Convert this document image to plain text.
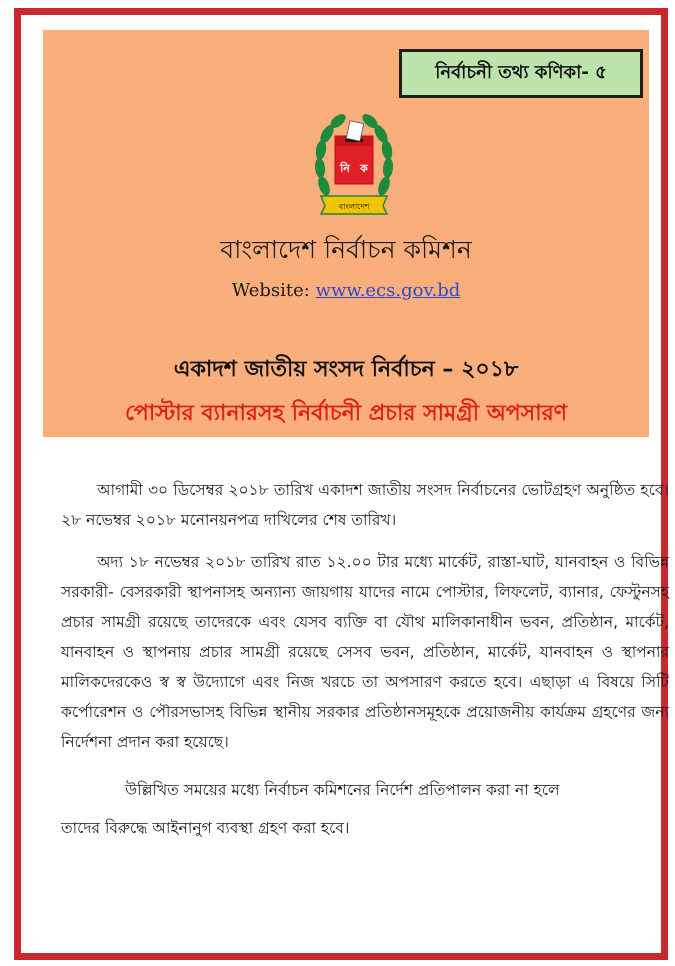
নির্বাচনী তথ্য কণিকা- ৫
নি ক
বাংলাদেশ
বাংলাদেশ নির্বাচন কমিশন
Website: www.ecs.gov.bd
একাদশ জাতীয় সংসদ নির্বাচন – ২০১৮
পোস্টার ব্যানারসহ নির্বাচনী প্রচার সামগ্রী অপসারণ

আগামী ৩০ ডিসেম্বর ২০১৮ তারিখ একাদশ জাতীয় সংসদ নির্বাচনের ভোটগ্রহণ অনুষ্ঠিত হবে। ২৮ নভেম্বর ২০১৮ মনোনয়নপত্র দাখিলের শেষ তারিখ।

অদ্য ১৮ নভেম্বর ২০১৮ তারিখ রাত ১২.০০ টার মধ্যে মার্কেট, রাস্তা-ঘাট, যানবাহন ও বিভিন্ন সরকারী- বেসরকারী স্থাপনাসহ অন্যান্য জায়গায় যাদের নামে পোস্টার, লিফলেট, ব্যানার, ফেস্টুনসহ প্রচার সামগ্রী রয়েছে তাদেরকে এবং যেসব ব্যক্তি বা যৌথ মালিকানাধীন ভবন, প্রতিষ্ঠান, মার্কেট, যানবাহন ও স্থাপনায় প্রচার সামগ্রী রয়েছে সেসব ভবন, প্রতিষ্ঠান, মার্কেট, যানবাহন ও স্থাপনার মালিকদেরকেও স্ব স্ব উদ্যোগে এবং নিজ খরচে তা অপসারণ করতে হবে। এছাড়া এ বিষয়ে সিটি কর্পোরেশন ও পৌরসভাসহ বিভিন্ন স্থানীয় সরকার প্রতিষ্ঠানসমূহকে প্রয়োজনীয় কার্যক্রম গ্রহণের জন্য নির্দেশনা প্রদান করা হয়েছে।

উল্লিখিত সময়ের মধ্যে নির্বাচন কমিশনের নির্দেশ প্রতিপালন করা না হলে

তাদের বিরুদ্ধে আইনানুগ ব্যবস্থা গ্রহণ করা হবে।
